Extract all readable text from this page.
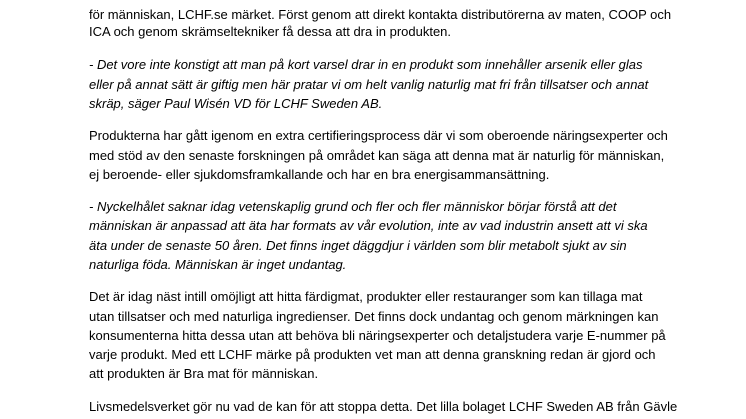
för människan, LCHF.se märket. Först genom att direkt kontakta distributörerna av maten, COOP och
ICA och genom skrämseltekniker få dessa att dra in produkten.
- Det vore inte konstigt att man på kort varsel drar in en produkt som innehåller arsenik eller glas
eller på annat sätt är giftig men här pratar vi om helt vanlig naturlig mat fri från tillsatser och annat
skräp, säger Paul Wisén VD för LCHF Sweden AB.
Produkterna har gått igenom en extra certifieringsprocess där vi som oberoende näringsexperter och
med stöd av den senaste forskningen på området kan säga att denna mat är naturlig för människan,
ej beroende- eller sjukdomsframkallande och har en bra energisammansättning.
- Nyckelhålet saknar idag vetenskaplig grund och fler och fler människor börjar förstå att det
människan är anpassad att äta har formats av vår evolution, inte av vad industrin ansett att vi ska
äta under de senaste 50 åren. Det finns inget däggdjur i världen som blir metabolt sjukt av sin
naturliga föda. Människan är inget undantag.
Det är idag näst intill omöjligt att hitta färdigmat, produkter eller restauranger som kan tillaga mat
utan tillsatser och med naturliga ingredienser. Det finns dock undantag och genom märkningen kan
konsumenterna hitta dessa utan att behöva bli näringsexperter och detaljstudera varje E-nummer på
varje produkt. Med ett LCHF märke på produkten vet man att denna granskning redan är gjord och
att produkten är Bra mat för människan.
Livsmedelsverket gör nu vad de kan för att stoppa detta. Det lilla bolaget LCHF Sweden AB från Gävle
